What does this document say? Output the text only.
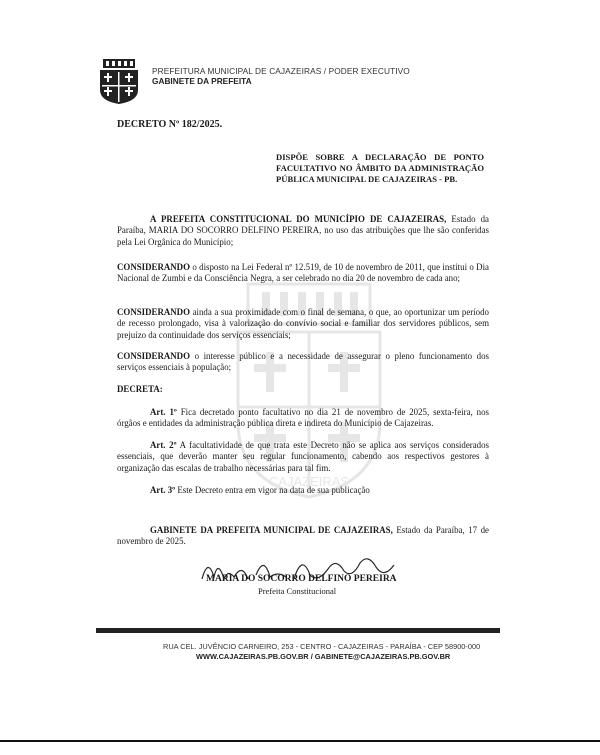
CAJAZEIRAS
PREFEITURA MUNICIPAL DE CAJAZEIRAS / PODER EXECUTIVO
GABINETE DA PREFEITA
DECRETO Nº 182/2025.
DISPÕE SOBRE A DECLARAÇÃO DE PONTO FACULTATIVO NO ÂMBITO DA ADMINISTRAÇÃO PÚBLICA MUNICIPAL DE CAJAZEIRAS - PB.
A PREFEITA CONSTITUCIONAL DO MUNICÍPIO DE CAJAZEIRAS, Estado da Paraíba, MARIA DO SOCORRO DELFINO PEREIRA, no uso das atribuições que lhe são conferidas pela Lei Orgânica do Município;
CONSIDERANDO o disposto na Lei Federal nº 12.519, de 10 de novembro de 2011, que institui o Dia Nacional de Zumbi e da Consciência Negra, a ser celebrado no dia 20 de novembro de cada ano;
CONSIDERANDO ainda a sua proximidade com o final de semana, o que, ao oportunizar um período de recesso prolongado, visa à valorização do convívio social e familiar dos servidores públicos, sem prejuízo da continuidade dos serviços essenciais;
CONSIDERANDO o interesse público e a necessidade de assegurar o pleno funcionamento dos serviços essenciais à população;
DECRETA:
Art. 1º Fica decretado ponto facultativo no dia 21 de novembro de 2025, sexta-feira, nos órgãos e entidades da administração pública direta e indireta do Município de Cajazeiras.
Art. 2º A facultatividade de que trata este Decreto não se aplica aos serviços considerados essenciais, que deverão manter seu regular funcionamento, cabendo aos respectivos gestores à organização das escalas de trabalho necessárias para tal fim.
Art. 3º Este Decreto entra em vigor na data de sua publicação
GABINETE DA PREFEITA MUNICIPAL DE CAJAZEIRAS, Estado da Paraíba, 17 de novembro de 2025.
MARIA DO SOCORRO DELFINO PEREIRA
Prefeita Constitucional
RUA CEL. JUVÊNCIO CARNEIRO, 253 - CENTRO - CAJAZEIRAS - PARAÍBA - CEP 58900-000
WWW.CAJAZEIRAS.PB.GOV.BR / GABINETE@CAJAZEIRAS.PB.GOV.BR
